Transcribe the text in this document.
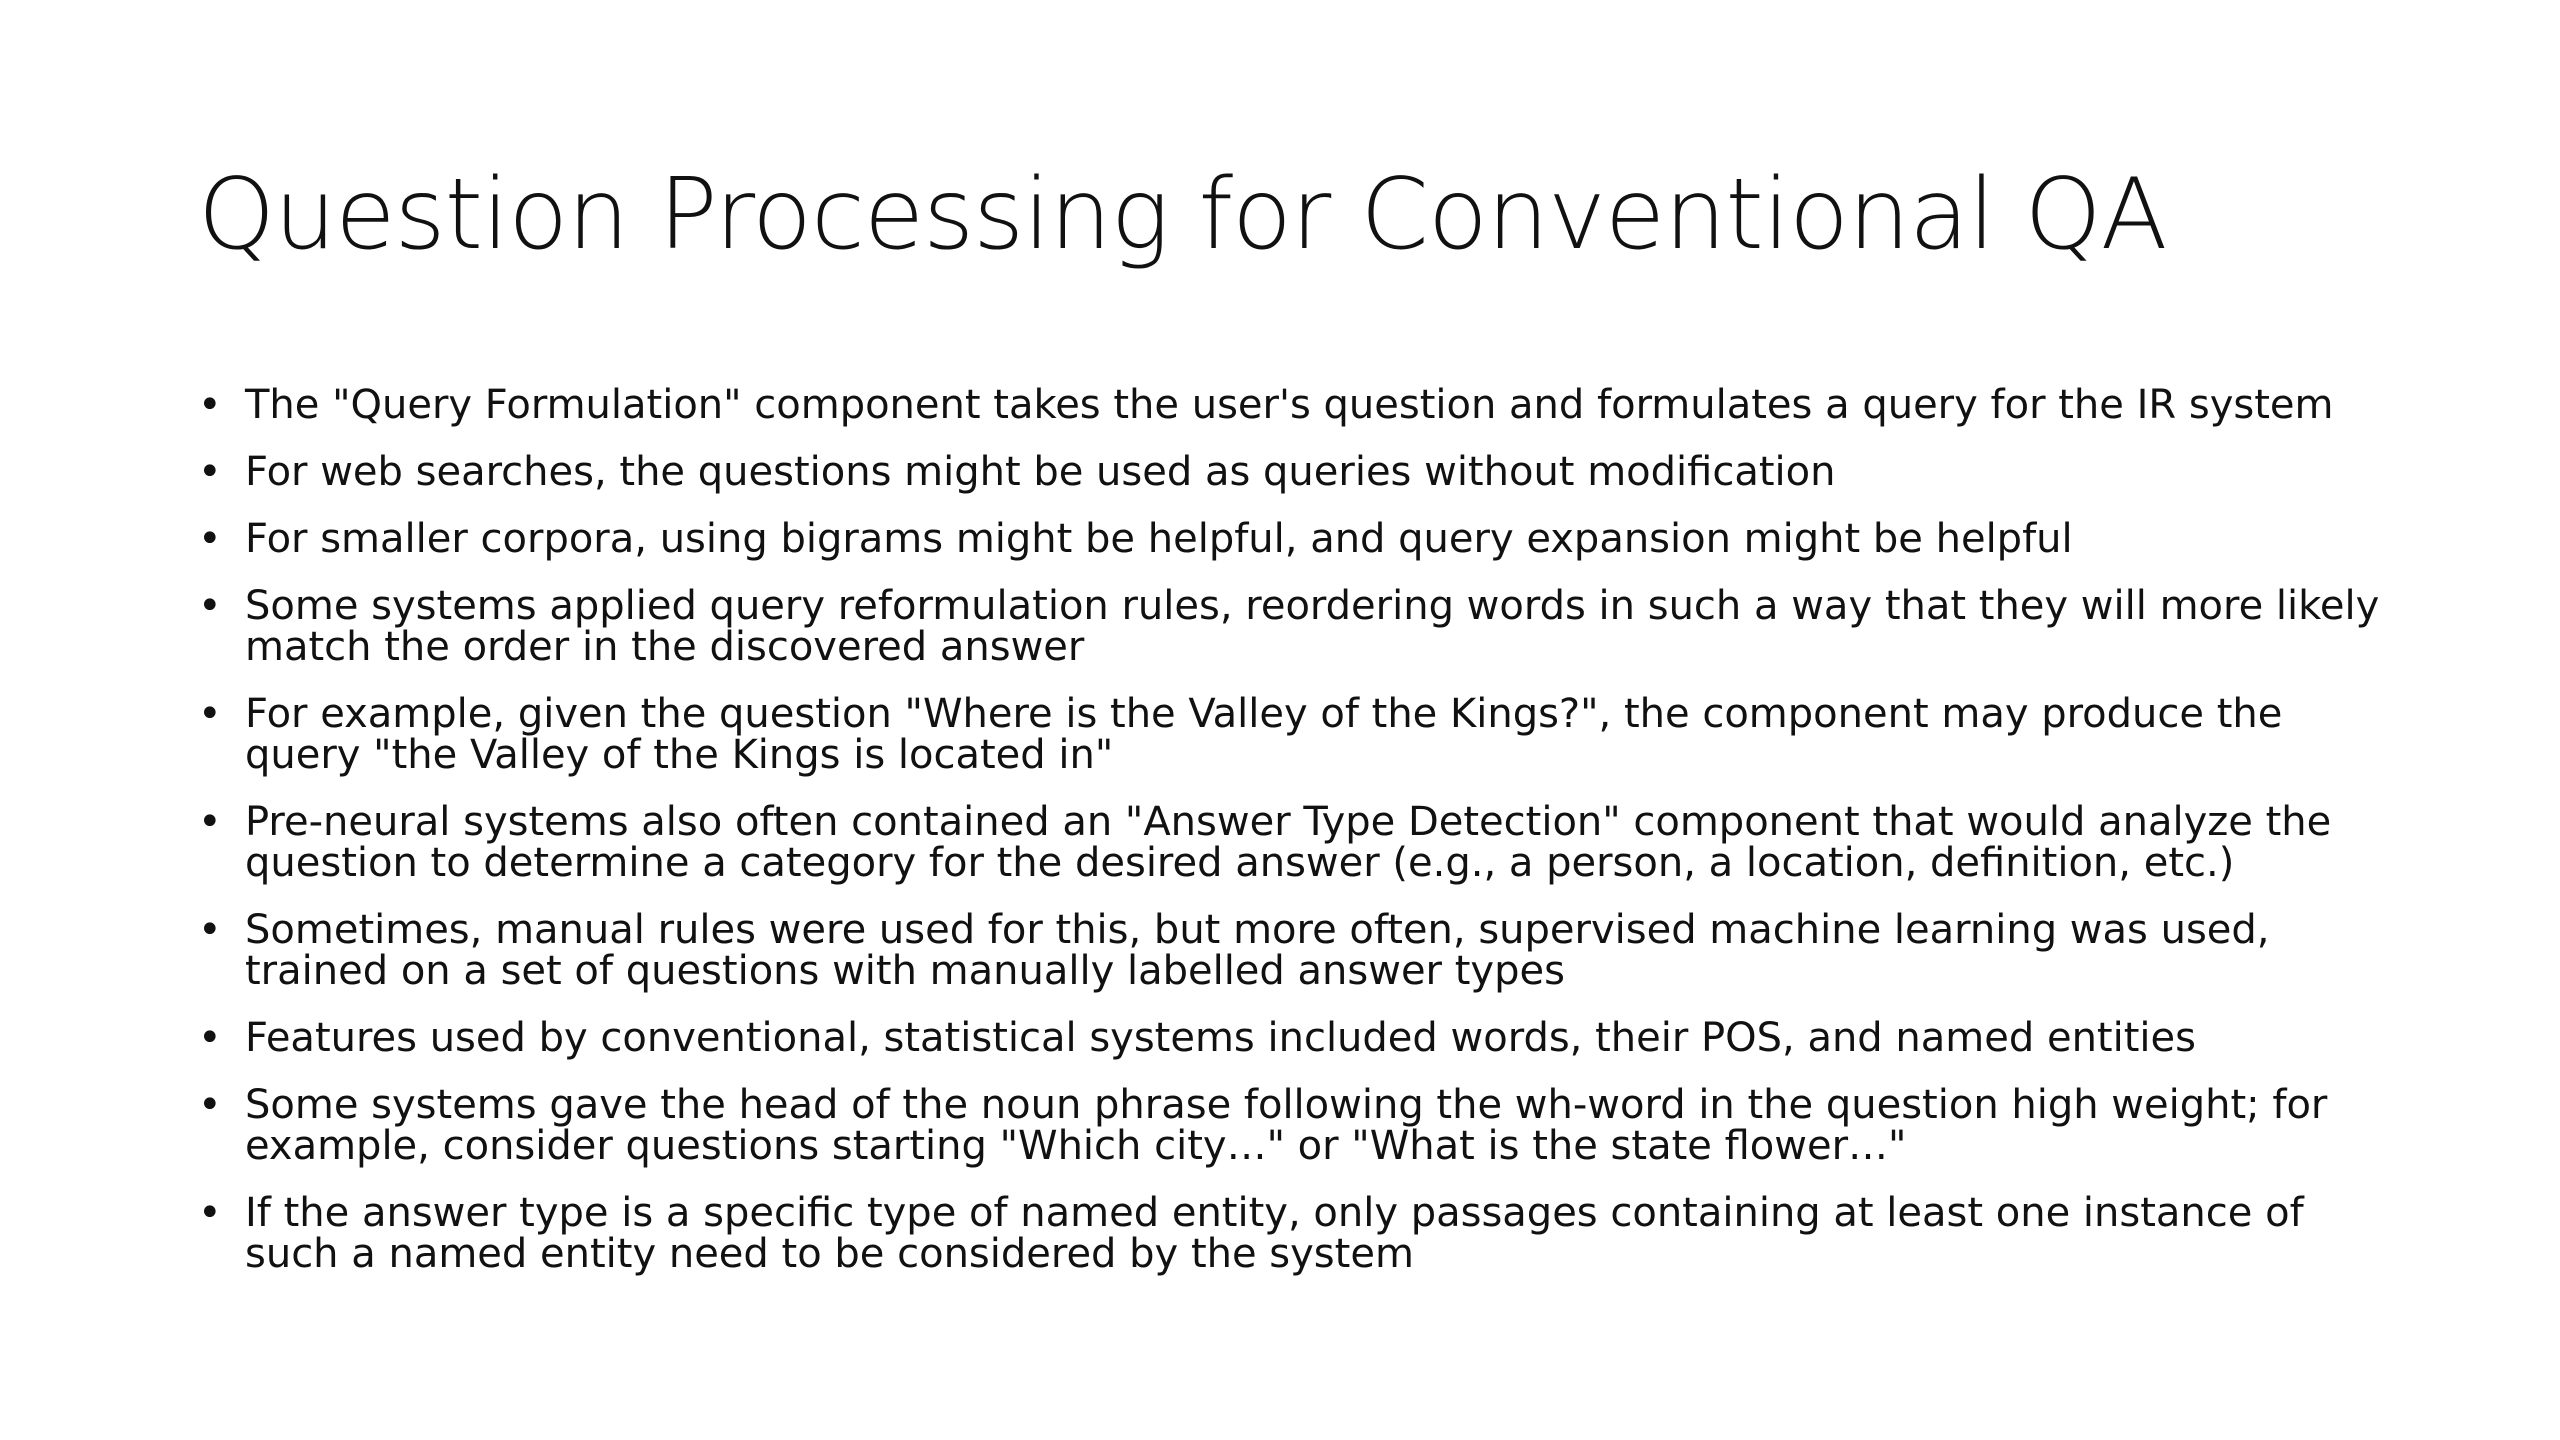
Question Processing for Conventional QA
• The "Query Formulation" component takes the user's question and formulates a query for the IR system
• For web searches, the questions might be used as queries without modification
• For smaller corpora, using bigrams might be helpful, and query expansion might be helpful
• Some systems applied query reformulation rules, reordering words in such a way that they will more likely match the order in the discovered answer
• For example, given the question "Where is the Valley of the Kings?", the component may produce the query "the Valley of the Kings is located in"
• Pre-neural systems also often contained an "Answer Type Detection" component that would analyze the question to determine a category for the desired answer (e.g., a person, a location, definition, etc.)
• Sometimes, manual rules were used for this, but more often, supervised machine learning was used, trained on a set of questions with manually labelled answer types
• Features used by conventional, statistical systems included words, their POS, and named entities
• Some systems gave the head of the noun phrase following the wh-word in the question high weight; for example, consider questions starting "Which city…" or "What is the state flower…"
• If the answer type is a specific type of named entity, only passages containing at least one instance of such a named entity need to be considered by the system
